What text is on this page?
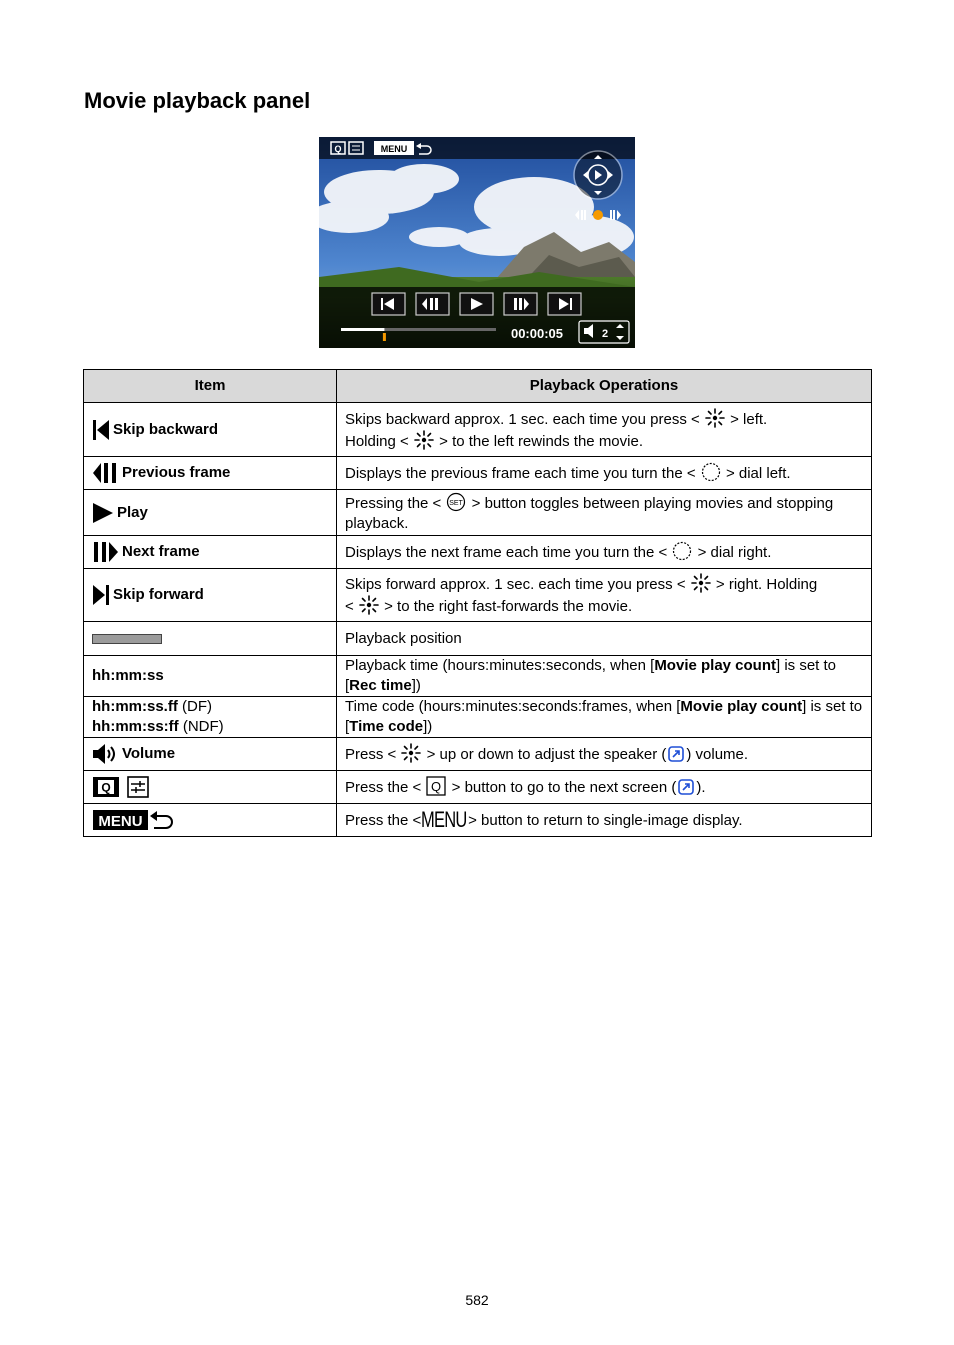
Movie playback panel
Q	MENU
00:00:05	2
Item	Playback Operations
Skip backward	Skips backward approx. 1 sec. each time you press < > left.
Holding < > to the left rewinds the movie.
Previous frame	Displays the previous frame each time you turn the < > dial left.
Play	Pressing the < SET > button toggles between playing movies and stopping playback.
Next frame	Displays the next frame each time you turn the < > dial right.
Skip forward	Skips forward approx. 1 sec. each time you press < > right. Holding
< > to the right fast-forwards the movie.
	Playback position
hh:mm:ss	Playback time (hours:minutes:seconds, when [Movie play count] is set to [Rec time])
hh:mm:ss.ff (DF)
hh:mm:ss:ff (NDF)	Time code (hours:minutes:seconds:frames, when [Movie play count] is set to [Time code])
Volume	Press < > up or down to adjust the speaker ( ) volume.

Q	Press the < Q > button to go to the next screen ( ).

MENU	Press the <MENU> button to return to single-image display.
582
